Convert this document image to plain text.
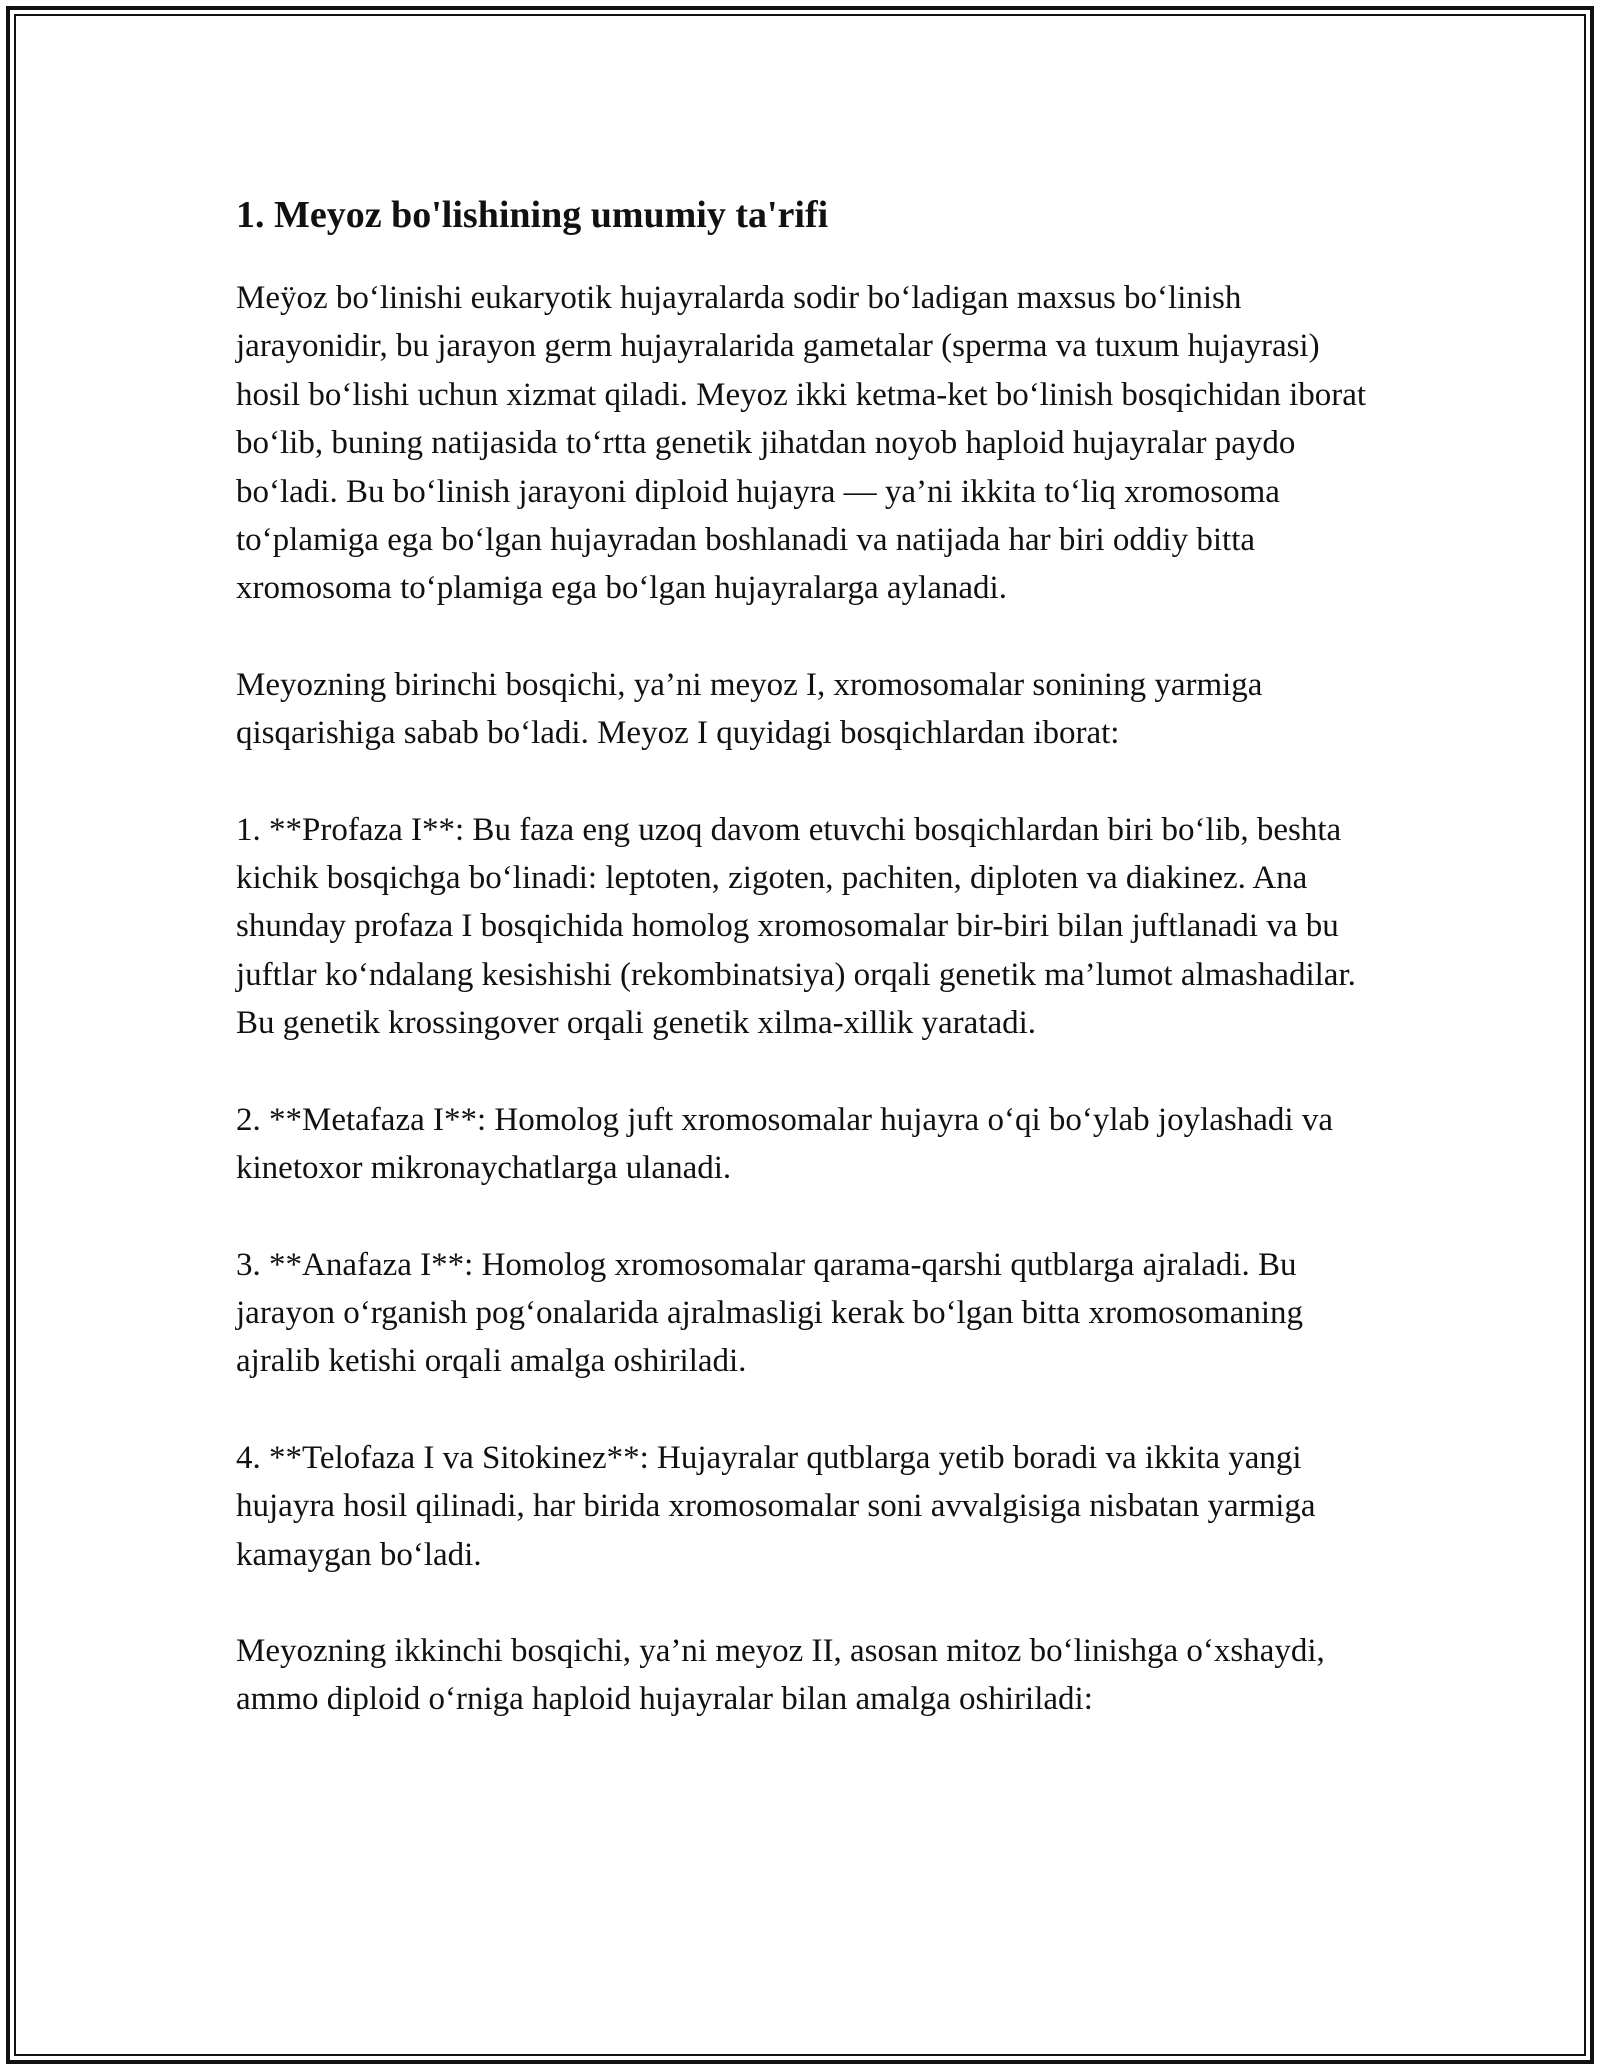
1. Meyoz bo'lishining umumiy ta'rifi

Meÿoz boʻlinishi eukaryotik hujayralarda sodir boʻladigan maxsus boʻlinish jarayonidir, bu jarayon germ hujayralarida gametalar (sperma va tuxum hujayrasi) hosil boʻlishi uchun xizmat qiladi. Meyoz ikki ketma-ket boʻlinish bosqichidan iborat boʻlib, buning natijasida toʻrtta genetik jihatdan noyob haploid hujayralar paydo boʻladi. Bu boʻlinish jarayoni diploid hujayra — ya’ni ikkita toʻliq xromosoma toʻplamiga ega boʻlgan hujayradan boshlanadi va natijada har biri oddiy bitta xromosoma toʻplamiga ega boʻlgan hujayralarga aylanadi.

Meyozning birinchi bosqichi, ya’ni meyoz I, xromosomalar sonining yarmiga qisqarishiga sabab boʻladi. Meyoz I quyidagi bosqichlardan iborat:

1. **Profaza I**: Bu faza eng uzoq davom etuvchi bosqichlardan biri boʻlib, beshta kichik bosqichga boʻlinadi: leptoten, zigoten, pachiten, diploten va diakinez. Ana shunday profaza I bosqichida homolog xromosomalar bir-biri bilan juftlanadi va bu juftlar koʻndalang kesishishi (rekombinatsiya) orqali genetik ma’lumot almashadilar. Bu genetik krossingover orqali genetik xilma-xillik yaratadi.

2. **Metafaza I**: Homolog juft xromosomalar hujayra oʻqi boʻylab joylashadi va kinetoxor mikronaychatlarga ulanadi.

3. **Anafaza I**: Homolog xromosomalar qarama-qarshi qutblarga ajraladi. Bu jarayon oʻrganish pogʻonalarida ajralmasligi kerak boʻlgan bitta xromosomaning ajralib ketishi orqali amalga oshiriladi.

4. **Telofaza I va Sitokinez**: Hujayralar qutblarga yetib boradi va ikkita yangi hujayra hosil qilinadi, har birida xromosomalar soni avvalgisiga nisbatan yarmiga kamaygan boʻladi.

Meyozning ikkinchi bosqichi, ya’ni meyoz II, asosan mitoz boʻlinishga oʻxshaydi, ammo diploid oʻrniga haploid hujayralar bilan amalga oshiriladi:
